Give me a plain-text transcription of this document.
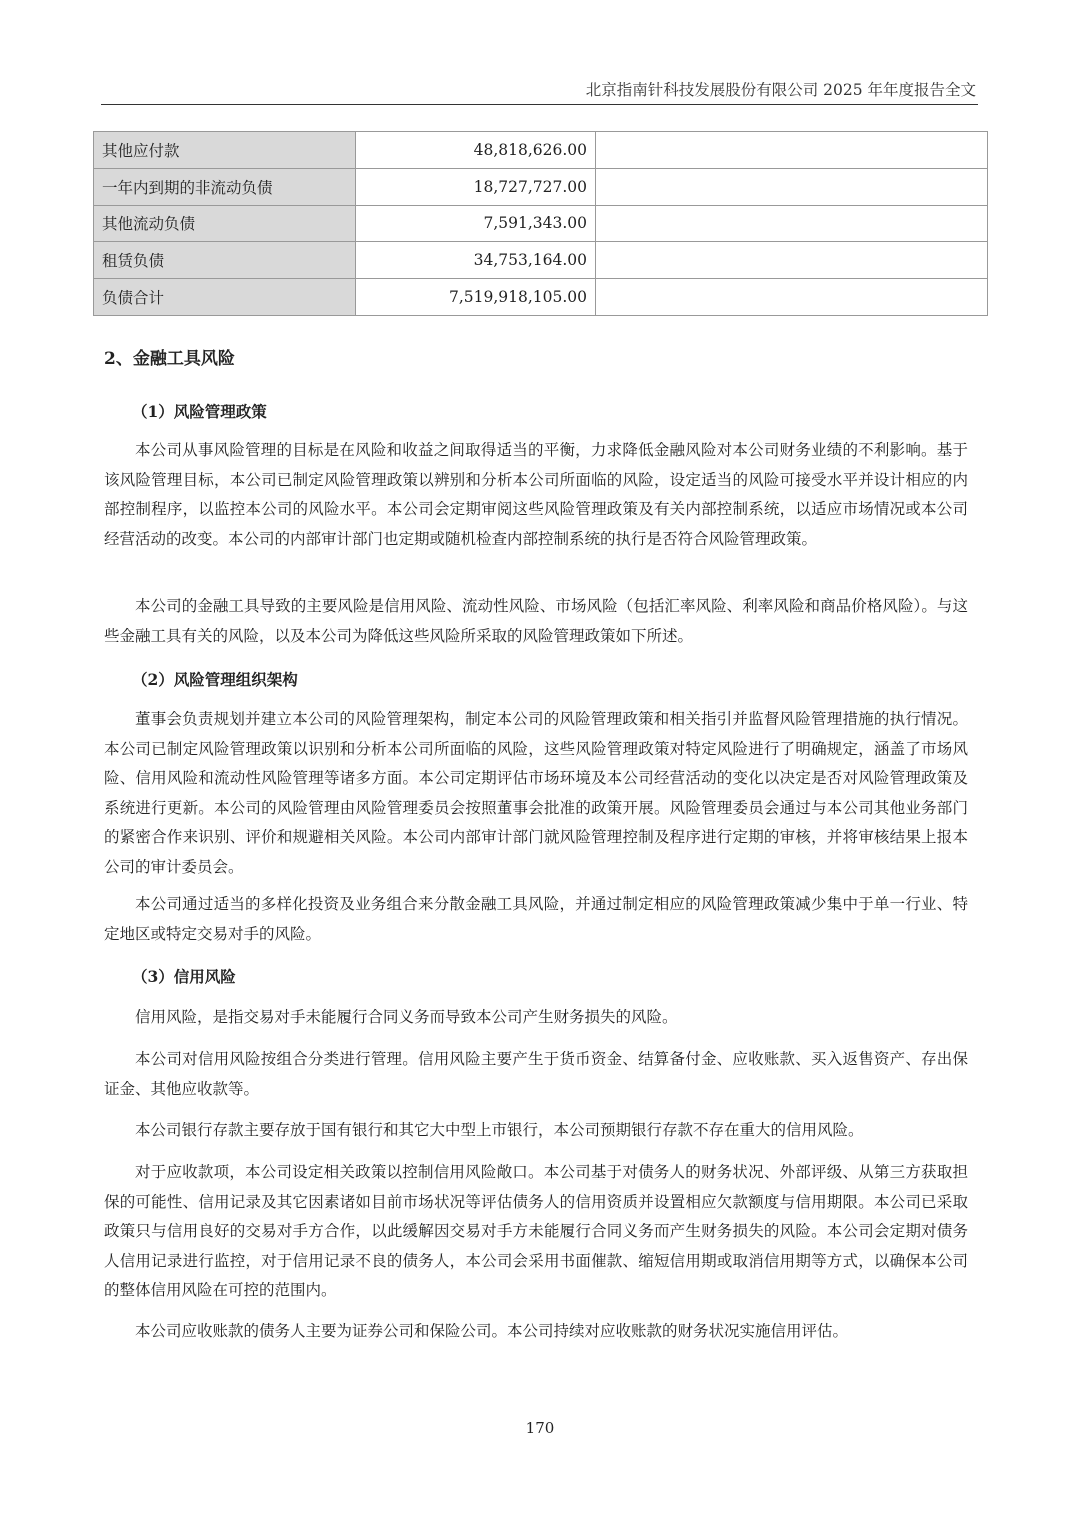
北京指南针科技发展股份有限公司 2025 年年度报告全文
其他应付款	48,818,626.00	
一年内到期的非流动负债	18,727,727.00	
其他流动负债	7,591,343.00	
租赁负债	34,753,164.00	
负债合计	7,519,918,105.00	
2、金融工具风险
（1）风险管理政策

本公司从事风险管理的目标是在风险和收益之间取得适当的平衡，力求降低金融风险对本公司财务业绩的不利影响。基于该风险管理目标，本公司已制定风险管理政策以辨别和分析本公司所面临的风险，设定适当的风险可接受水平并设计相应的内部控制程序，以监控本公司的风险水平。本公司会定期审阅这些风险管理政策及有关内部控制系统，以适应市场情况或本公司经营活动的改变。本公司的内部审计部门也定期或随机检查内部控制系统的执行是否符合风险管理政策。

本公司的金融工具导致的主要风险是信用风险、流动性风险、市场风险（包括汇率风险、利率风险和商品价格风险）。与这些金融工具有关的风险，以及本公司为降低这些风险所采取的风险管理政策如下所述。

（2）风险管理组织架构

董事会负责规划并建立本公司的风险管理架构，制定本公司的风险管理政策和相关指引并监督风险管理措施的执行情况。本公司已制定风险管理政策以识别和分析本公司所面临的风险，这些风险管理政策对特定风险进行了明确规定，涵盖了市场风险、信用风险和流动性风险管理等诸多方面。本公司定期评估市场环境及本公司经营活动的变化以决定是否对风险管理政策及系统进行更新。本公司的风险管理由风险管理委员会按照董事会批准的政策开展。风险管理委员会通过与本公司其他业务部门的紧密合作来识别、评价和规避相关风险。本公司内部审计部门就风险管理控制及程序进行定期的审核，并将审核结果上报本公司的审计委员会。

本公司通过适当的多样化投资及业务组合来分散金融工具风险，并通过制定相应的风险管理政策减少集中于单一行业、特定地区或特定交易对手的风险。

（3）信用风险

信用风险，是指交易对手未能履行合同义务而导致本公司产生财务损失的风险。

本公司对信用风险按组合分类进行管理。信用风险主要产生于货币资金、结算备付金、应收账款、买入返售资产、存出保证金、其他应收款等。

本公司银行存款主要存放于国有银行和其它大中型上市银行，本公司预期银行存款不存在重大的信用风险。

对于应收款项，本公司设定相关政策以控制信用风险敞口。本公司基于对债务人的财务状况、外部评级、从第三方获取担保的可能性、信用记录及其它因素诸如目前市场状况等评估债务人的信用资质并设置相应欠款额度与信用期限。本公司已采取政策只与信用良好的交易对手方合作，以此缓解因交易对手方未能履行合同义务而产生财务损失的风险。本公司会定期对债务人信用记录进行监控，对于信用记录不良的债务人，本公司会采用书面催款、缩短信用期或取消信用期等方式，以确保本公司的整体信用风险在可控的范围内。

本公司应收账款的债务人主要为证券公司和保险公司。本公司持续对应收账款的财务状况实施信用评估。

170
